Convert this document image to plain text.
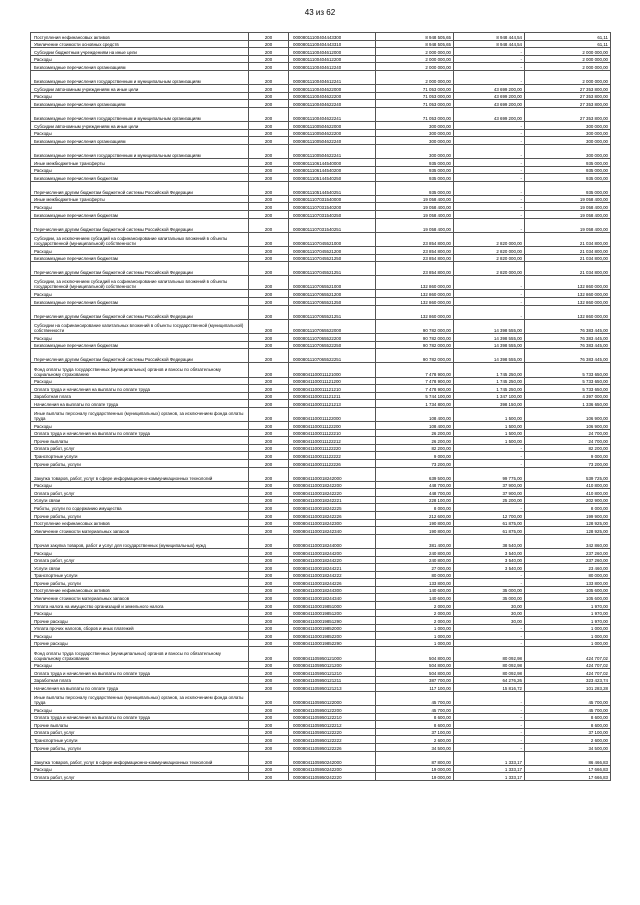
43 из 62
Поступления нефинансовых активов	200	00008011100404443300	8 948 505,65	8 948 444,54	61,11
Увеличение стоимости основных средств	200	00008011100404443310	8 948 505,65	8 948 444,54	61,11
Субсидии бюджетным учреждениям на иные цели	200	00008011100404612000	2 000 000,00	-	2 000 000,00
Расходы	200	00008011100404612200	2 000 000,00	-	2 000 000,00
Безвозмездные перечисления организациям	200	00008011100404612240	2 000 000,00	-	2 000 000,00
Безвозмездные перечисления государственным и муниципальным организациям	200	00008011100404612241	2 000 000,00	-	2 000 000,00
Субсидии автономным учреждениям на иные цели	200	00008011100404622000	71 053 000,00	43 699 200,00	27 353 800,00
Расходы	200	00008011100404622200	71 053 000,00	43 699 200,00	27 353 800,00
Безвозмездные перечисления организациям	200	00008011100404622240	71 053 000,00	43 699 200,00	27 353 800,00
Безвозмездные перечисления государственным и муниципальным организациям	200	00008011100404622241	71 053 000,00	43 699 200,00	27 353 800,00
Субсидии автономным учреждениям на иные цели	200	00008011100504622000	300 000,00	-	300 000,00
Расходы	200	00008011100504622200	300 000,00	-	300 000,00
Безвозмездные перечисления организациям	200	00008011100504622240	300 000,00	-	300 000,00
Безвозмездные перечисления государственным и муниципальным организациям	200	00008011100504622241	300 000,00	-	300 000,00
Иные межбюджетные трансферты	200	00008011106144540000	935 000,00	-	935 000,00
Расходы	200	00008011106144540200	935 000,00	-	935 000,00
Безвозмездные перечисления бюджетам	200	00008011105144540250	935 000,00	-	935 000,00
Перечисления другим бюджетам бюджетной системы Российской Федерации	200	00008011105144540251	935 000,00	-	935 000,00
Иные межбюджетные трансферты	200	00008011107031540000	19 058 400,00	-	19 058 400,00
Расходы	200	00008011107031540200	19 058 400,00	-	19 058 400,00
Безвозмездные перечисления бюджетам	200	00008011107031540250	19 058 400,00	-	19 058 400,00
Перечисления другим бюджетам бюджетной системы Российской Федерации	200	00008011107031540251	19 058 400,00	-	19 058 400,00
Субсидии, за исключением субсидий на софинансирование капитальных вложений в объекты государственной (муниципальной) собственности	200	00008011107045521000	23 854 800,00	2 820 000,00	21 034 800,00
Расходы	200	00008011107045521200	23 854 800,00	2 820 000,00	21 034 800,00
Безвозмездные перечисления бюджетам	200	00008011107045521250	23 854 800,00	2 820 000,00	21 034 800,00
Перечисления другим бюджетам бюджетной системы Российской Федерации	200	00008011107045521251	23 854 800,00	2 820 000,00	21 034 800,00
Субсидии, за исключением субсидий на софинансирование капитальных вложений в объекты государственной (муниципальной) собственности	200	00008011107065521000	132 860 000,00	-	132 860 000,00
Расходы	200	00008011107065521200	132 860 000,00	-	132 860 000,00
Безвозмездные перечисления бюджетам	200	00008011107065521250	132 860 000,00	-	132 860 000,00
Перечисления другим бюджетам бюджетной системы Российской Федерации	200	00008011107065521251	132 860 000,00	-	132 860 000,00
Субсидии на софинансирование капитальных вложений в объекты государственной (муниципальной) собственности	200	00008011107065522000	90 782 000,00	14 398 555,00	76 383 445,00
Расходы	200	00008011107065522200	90 782 000,00	14 398 555,00	76 383 445,00
Безвозмездные перечисления бюджетам	200	00008011107065522250	90 782 000,00	14 398 555,00	76 383 445,00
Перечисления другим бюджетам бюджетной системы Российской Федерации	200	00008011107065522251	90 782 000,00	14 398 555,00	76 383 445,00
Фонд оплаты труда государственных (муниципальных) органов и взносы по обязательному социальному страхованию	200	00008041100011121000	7 478 900,00	1 745 250,00	5 733 650,00
Расходы	200	00008041100011121200	7 478 900,00	1 745 250,00	5 733 650,00
Оплата труда и начисления на выплаты по оплате труда	200	00008041100011121210	7 478 900,00	1 745 250,00	5 733 650,00
Заработная плата	200	00008041100011121211	5 744 100,00	1 347 100,00	4 397 000,00
Начисления на выплаты по оплате труда	200	00008041100011121213	1 734 800,00	398 150,00	1 336 650,00
Иные выплаты персоналу государственных (муниципальных) органов, за исключением фонда оплаты труда	200	00008041100011122000	108 400,00	1 500,00	106 900,00
Расходы	200	00008041100011122200	108 400,00	1 500,00	106 900,00
Оплата труда и начисления на выплаты по оплате труда	200	00008041100011122210	26 200,00	1 500,00	24 700,00
Прочие выплаты	200	00008041100011122212	26 200,00	1 500,00	24 700,00
Оплата работ, услуг	200	00008041100011122220	82 200,00	-	82 200,00
Транспортные услуги	200	00008041100011122222	9 000,00	-	9 000,00
Прочие работы, услуги	200	00008041100011122226	73 200,00	-	73 200,00
Закупка товаров, работ, услуг в сфере информационно-коммуникационных технологий	200	00008041100018242000	639 500,00	99 775,00	539 725,00
Расходы	200	00008041100018242200	448 700,00	37 900,00	410 800,00
Оплата работ, услуг	200	00008041100018242220	448 700,00	37 900,00	410 800,00
Услуги связи	200	00008041100018242221	228 100,00	25 200,00	202 900,00
Работы, услуги по содержанию имущества	200	00008041100018242225	8 000,00	-	8 000,00
Прочие работы, услуги	200	00008041100018242226	212 600,00	12 700,00	199 900,00
Поступление нефинансовых активов	200	00008041100018242300	190 800,00	61 875,00	128 925,00
Увеличение стоимости материальных запасов	200	00008041100018242340	190 800,00	61 875,00	128 925,00
Прочая закупка товаров, работ и услуг для государственных (муниципальных) нужд	200	00008041100018244000	381 400,00	38 540,00	342 860,00
Расходы	200	00008041100018244200	240 800,00	3 540,00	237 260,00
Оплата работ, услуг	200	00008041100018244220	240 800,00	3 540,00	237 260,00
Услуги связи	200	00008041100018244221	27 000,00	3 540,00	23 460,00
Транспортные услуги	200	00008041100018244222	80 000,00	-	80 000,00
Прочие работы, услуги	200	00008041100018244226	133 800,00	-	133 800,00
Поступление нефинансовых активов	200	00008041100018244300	140 600,00	35 000,00	105 600,00
Увеличение стоимости материальных запасов	200	00008041100018244340	140 600,00	35 000,00	105 600,00
Уплата налога на имущество организаций и земельного налога	200	00008041100019851000	2 000,00	30,00	1 970,00
Расходы	200	00008041100019851200	2 000,00	30,00	1 970,00
Прочие расходы	200	00008041100019851290	2 000,00	30,00	1 970,00
Уплата прочих налогов, сборов и иных платежей	200	00008041100019852000	1 000,00	-	1 000,00
Расходы	200	00008041100019852200	1 000,00	-	1 000,00
Прочие расходы	200	00008041100019852290	1 000,00	-	1 000,00
Фонд оплаты труда государственных (муниципальных) органов и взносы по обязательному социальному страхованию	200	00008041105950121000	504 800,00	80 092,98	424 707,02
Расходы	200	00008041105950121200	504 800,00	80 092,98	424 707,02
Оплата труда и начисления на выплаты по оплате труда	200	00008041105950121210	504 800,00	80 092,98	424 707,02
Заработная плата	200	00008041105950121211	387 700,00	64 276,26	323 423,74
Начисления на выплаты по оплате труда	200	00008041105950121213	117 100,00	15 816,72	101 283,28
Иные выплаты персоналу государственных (муниципальных) органов, за исключением фонда оплаты труда	200	00008041105950122000	45 700,00	-	45 700,00
Расходы	200	00008041105950122200	45 700,00	-	45 700,00
Оплата труда и начисления на выплаты по оплате труда	200	00008041105950122210	8 600,00	-	8 600,00
Прочие выплаты	200	00008041105950122212	8 600,00	-	8 600,00
Оплата работ, услуг	200	00008041105950122220	37 100,00	-	37 100,00
Транспортные услуги	200	00008041105950122222	2 600,00	-	2 600,00
Прочие работы, услуги	200	00008041105950122226	34 500,00	-	34 500,00
Закупка товаров, работ, услуг в сфере информационно-коммуникационных технологий	200	00008041105950242000	87 800,00	1 333,17	86 466,83
Расходы	200	00008041105950242200	19 000,00	1 333,17	17 666,83
Оплата работ, услуг	200	00008041105950242220	19 000,00	1 333,17	17 666,83
